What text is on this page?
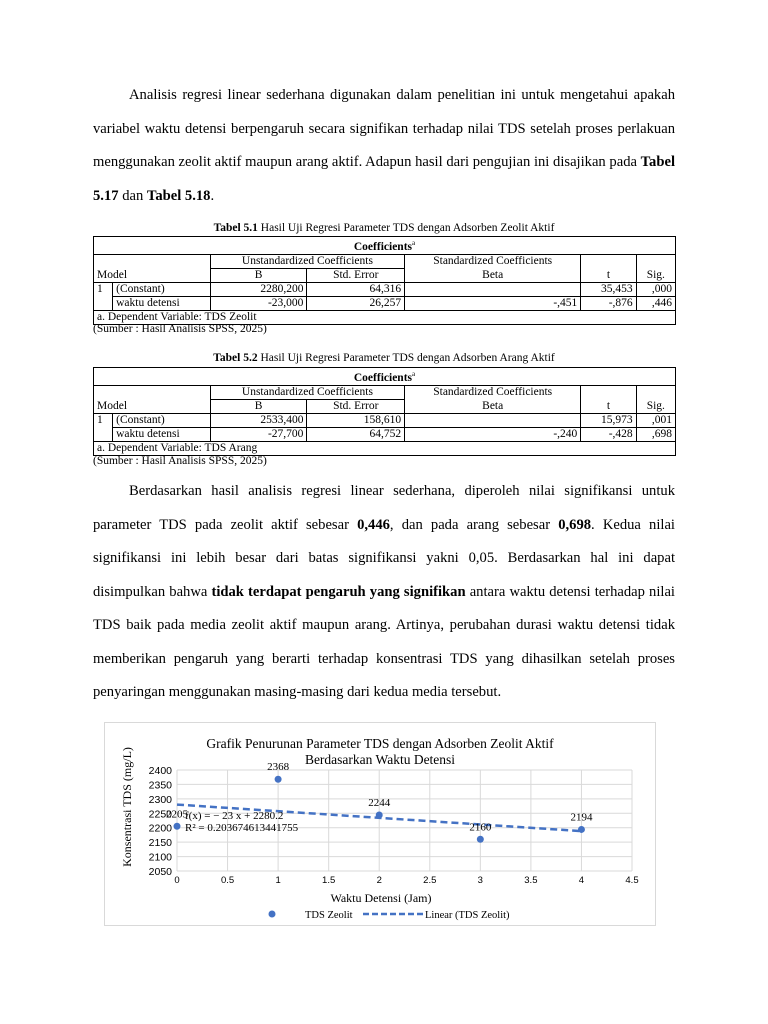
Analisis regresi linear sederhana digunakan dalam penelitian ini untuk mengetahui apakah variabel waktu detensi berpengaruh secara signifikan terhadap nilai TDS setelah proses perlakuan menggunakan zeolit aktif maupun arang aktif. Adapun hasil dari pengujian ini disajikan pada Tabel 5.17 dan Tabel 5.18.
Tabel 5.1 Hasil Uji Regresi Parameter TDS dengan Adsorben Zeolit Aktif
Coefficients$^a$
		Unstandardized Coefficients		Standardized Coefficients		
Model		B	Std. Error	Beta	t	Sig.
1	(Constant)	2280,200	64,316		35,453	,000
	waktu detensi	-23,000	26,257	-,451	-,876	,446
a. Dependent Variable: TDS Zeolit						
(Sumber : Hasil Analisis SPSS, 2025)
Tabel 5.2 Hasil Uji Regresi Parameter TDS dengan Adsorben Arang Aktif
Coefficients$^a$
		Unstandardized Coefficients		Standardized Coefficients		
Model		B	Std. Error	Beta	t	Sig.
1	(Constant)	2533,400	158,610		15,973	,001
	waktu detensi	-27,700	64,752	-,240	-,428	,698
a. Dependent Variable: TDS Arang						
(Sumber : Hasil Analisis SPSS, 2025)
Berdasarkan hasil analisis regresi linear sederhana, diperoleh nilai signifikansi untuk parameter TDS pada zeolit aktif sebesar 0,446, dan pada arang sebesar 0,698. Kedua nilai signifikansi ini lebih besar dari batas signifikansi yakni 0,05. Berdasarkan hal ini dapat disimpulkan bahwa tidak terdapat pengaruh yang signifikan antara waktu detensi terhadap nilai TDS baik pada media zeolit aktif maupun arang. Artinya, perubahan durasi waktu detensi tidak memberikan pengaruh yang berarti terhadap konsentrasi TDS yang dihasilkan setelah proses penyaringan menggunakan masing-masing dari kedua media tersebut.
Grafik Penurunan Parameter TDS dengan Adsorben Zeolit Aktif
Berdasarkan Waktu Detensi
Konsentrasi TDS (mg/L)
Waktu Detensi (Jam)
2050
2100
2150
2200
2250
2300
2350
2400
0	0.5	1	1.5	2	2.5	3	3.5	4	4.5
2205
2368
2244
2160
2194
f(x) = − 23 x + 2280.2
R² = 0.203674613441755
TDS Zeolit	Linear (TDS Zeolit)
